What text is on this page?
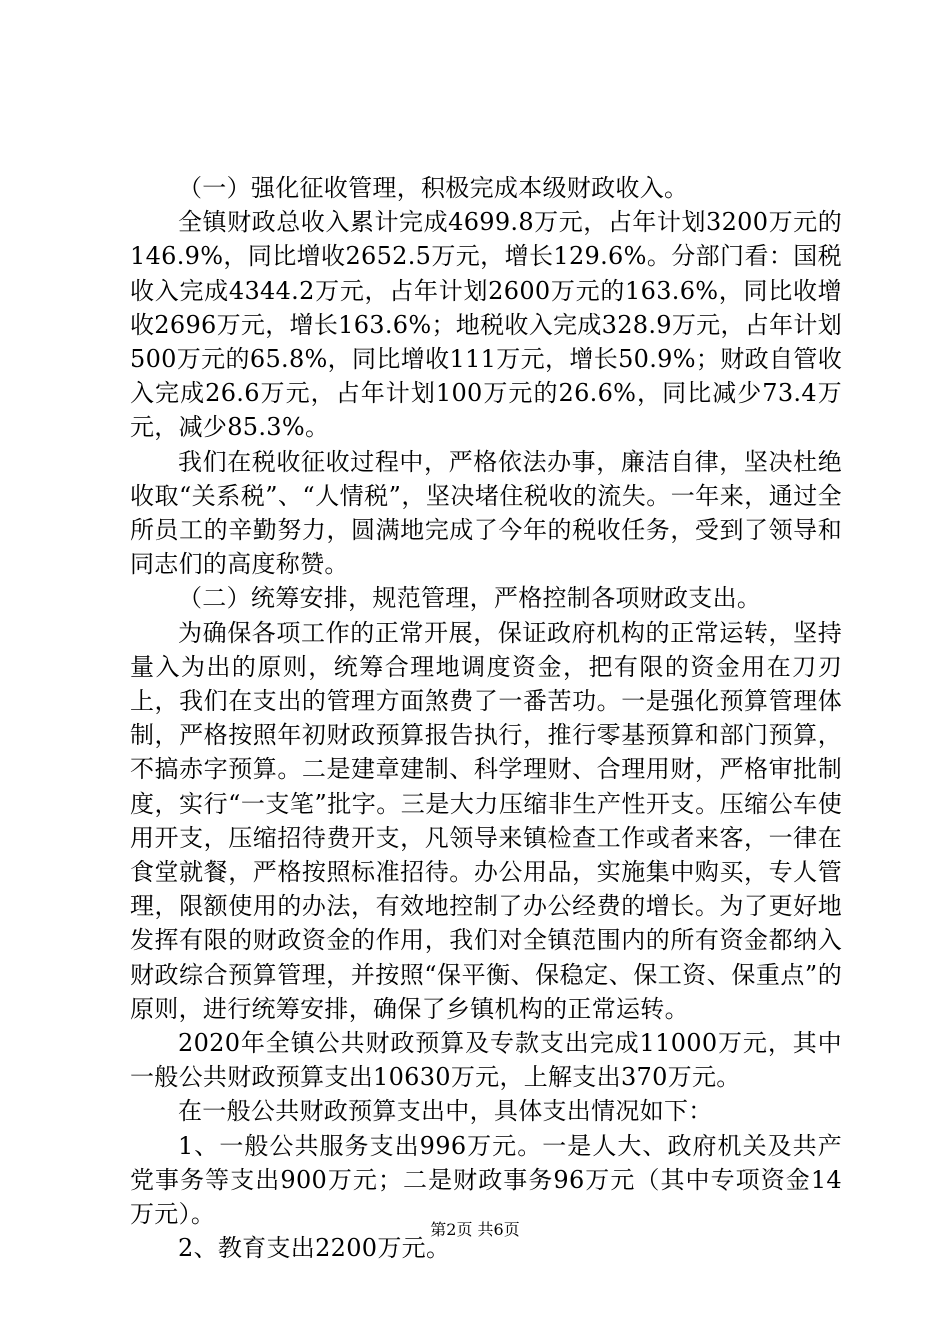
（一）强化征收管理，积极完成本级财政收入。

全镇财政总收入累计完成4699.8万元，占年计划3200万元的146.9%，同比增收2652.5万元，增长129.6%。分部门看：国税收入完成4344.2万元，占年计划2600万元的163.6%，同比收增收2696万元，增长163.6%；地税收入完成328.9万元，占年计划500万元的65.8%，同比增收111万元，增长50.9%；财政自管收入完成26.6万元，占年计划100万元的26.6%，同比减少73.4万元，减少85.3%。

我们在税收征收过程中，严格依法办事，廉洁自律，坚决杜绝收取“关系税”、“人情税”，坚决堵住税收的流失。一年来，通过全所员工的辛勤努力，圆满地完成了今年的税收任务，受到了领导和同志们的高度称赞。

（二）统筹安排，规范管理，严格控制各项财政支出。

为确保各项工作的正常开展，保证政府机构的正常运转，坚持量入为出的原则，统筹合理地调度资金，把有限的资金用在刀刃上，我们在支出的管理方面煞费了一番苦功。一是强化预算管理体制，严格按照年初财政预算报告执行，推行零基预算和部门预算，不搞赤字预算。二是建章建制、科学理财、合理用财，严格审批制度，实行“一支笔”批字。三是大力压缩非生产性开支。压缩公车使用开支，压缩招待费开支，凡领导来镇检查工作或者来客，一律在食堂就餐，严格按照标准招待。办公用品，实施集中购买，专人管理，限额使用的办法，有效地控制了办公经费的增长。为了更好地发挥有限的财政资金的作用，我们对全镇范围内的所有资金都纳入财政综合预算管理，并按照“保平衡、保稳定、保工资、保重点”的原则，进行统筹安排，确保了乡镇机构的正常运转。

2020年全镇公共财政预算及专款支出完成11000万元，其中一般公共财政预算支出10630万元，上解支出370万元。

在一般公共财政预算支出中，具体支出情况如下：

1、一般公共服务支出996万元。一是人大、政府机关及共产党事务等支出900万元；二是财政事务96万元（其中专项资金14万元）。

2、教育支出2200万元。

第2页 共6页
